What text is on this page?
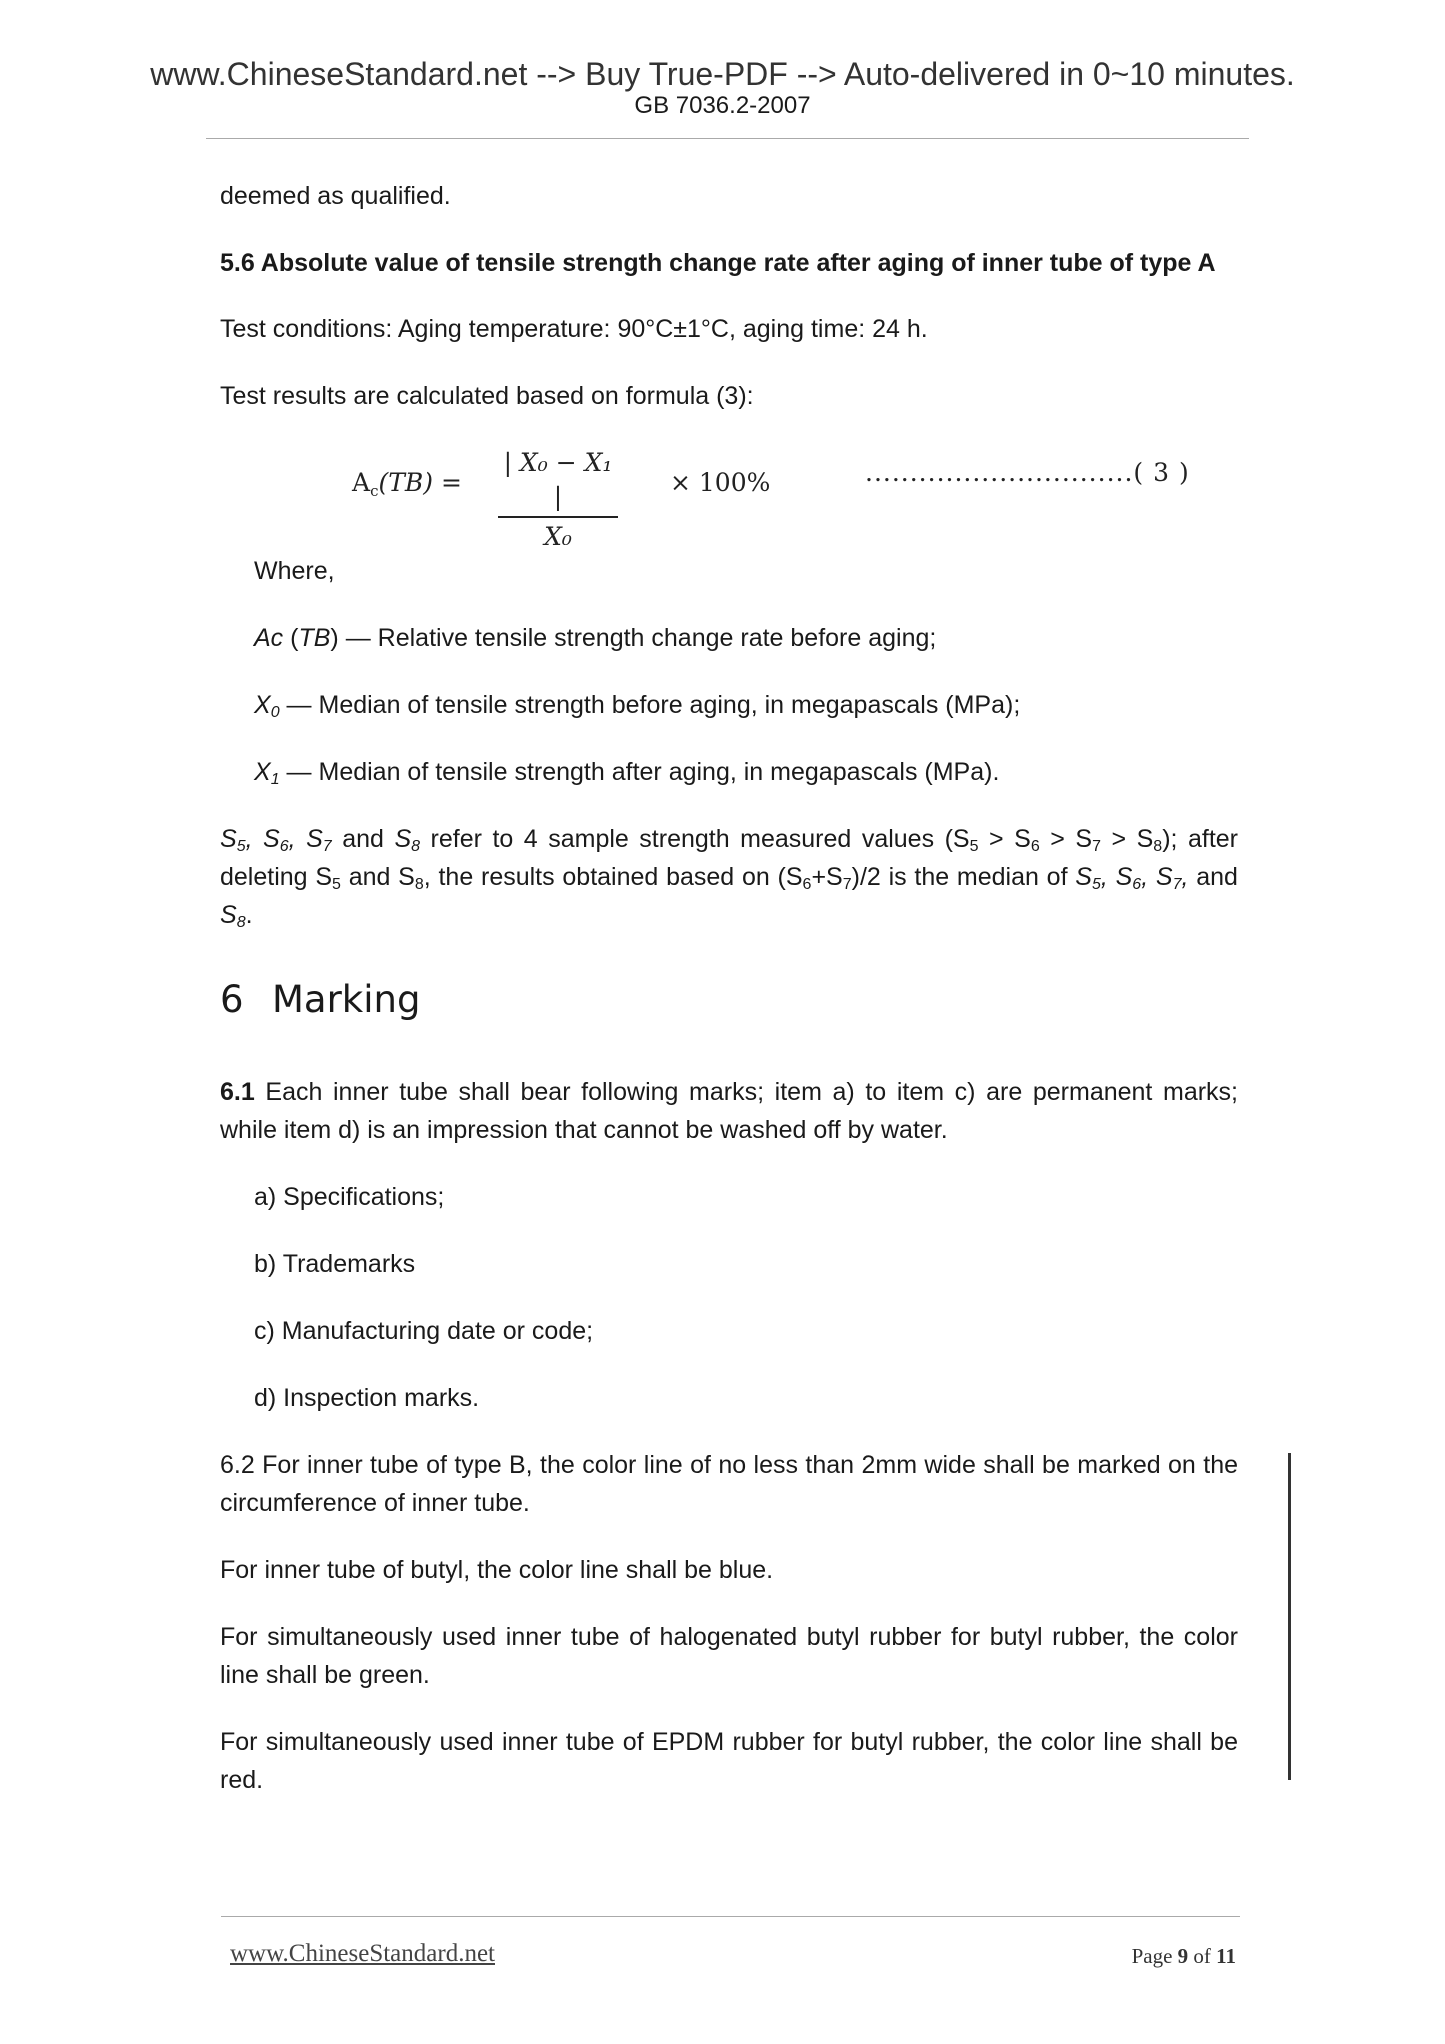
www.ChineseStandard.net --> Buy True-PDF --> Auto-delivered in 0~10 minutes.
GB 7036.2-2007
deemed as qualified.
5.6 Absolute value of tensile strength change rate after aging of inner tube of type A
Test conditions: Aging temperature: 90°C±1°C, aging time: 24 h.
Test results are calculated based on formula (3):
$A_c(TB)$ =
| X₀ − X₁ |
X₀
× 100%	..............................( 3 )
Where,
Ac (TB) — Relative tensile strength change rate before aging;
$X_0$ — Median of tensile strength before aging, in megapascals (MPa);
$X_1$ — Median of tensile strength after aging, in megapascals (MPa).
$S_5$, $S_6$, $S_7$ and $S_8$ refer to 4 sample strength measured values $(S_5 > S_6 > S_7 > S_8)$; after deleting $S_5$ and $S_8$, the results obtained based on $(S_6+S_7)/2$ is the median of $S_5$, $S_6$, $S_7$, and $S_8$.
6 Marking
6.1 Each inner tube shall bear following marks; item a) to item c) are permanent marks; while item d) is an impression that cannot be washed off by water.
a) Specifications;
b) Trademarks
c) Manufacturing date or code;
d) Inspection marks.
6.2 For inner tube of type B, the color line of no less than 2mm wide shall be marked on the circumference of inner tube.
For inner tube of butyl, the color line shall be blue.
For simultaneously used inner tube of halogenated butyl rubber for butyl rubber, the color line shall be green.
For simultaneously used inner tube of EPDM rubber for butyl rubber, the color line shall be red.
www.ChineseStandard.net	Page 9 of 11
